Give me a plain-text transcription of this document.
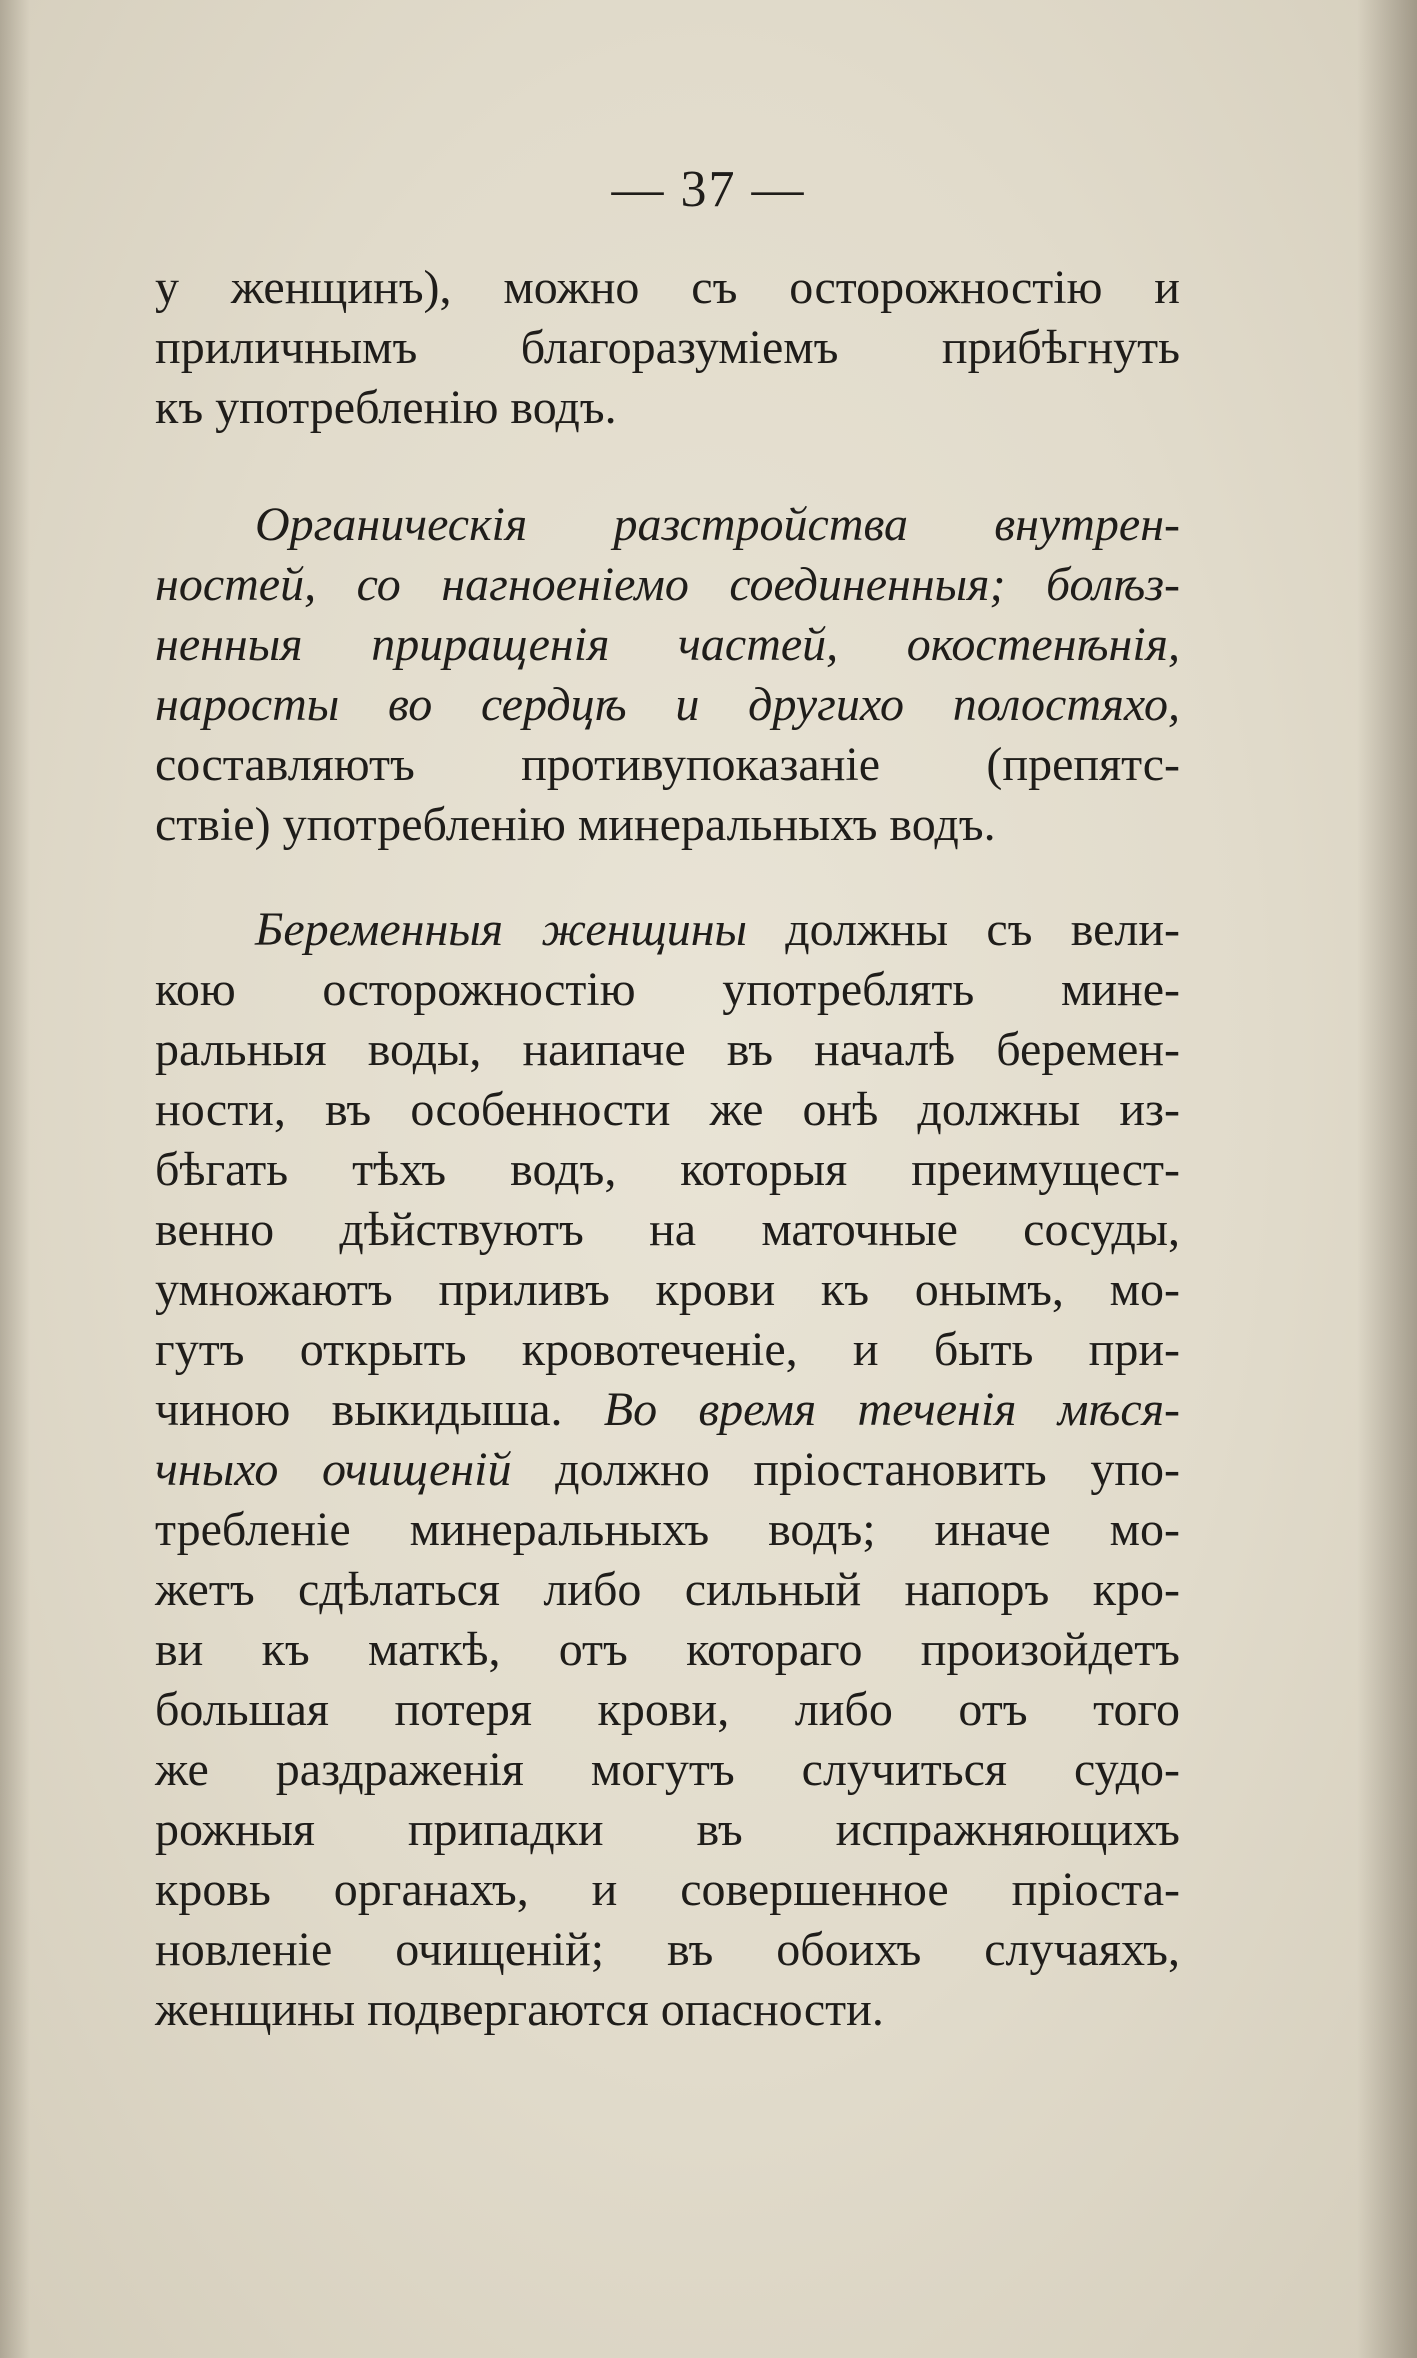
— 37 —
у женщинъ), можно съ осторожностію и
приличнымъ благоразуміемъ прибѣгнуть
къ употребленію водъ.
Органическія разстройства внутрен-
ностей, со нагноеніемо соединенныя; болѣз-
ненныя приращенія частей, окостенѣнія,
наросты во сердцѣ и другихо полостяхо,
составляютъ противупоказаніе (препятс-
ствіе) употребленію минеральныхъ водъ.
Беременныя женщины должны съ вели-
кою осторожностію употреблять мине-
ральныя воды, наипаче въ началѣ беремен-
ности, въ особенности же онѣ должны из-
бѣгать тѣхъ водъ, которыя преимущест-
венно дѣйствуютъ на маточные сосуды,
умножаютъ приливъ крови къ онымъ, мо-
гутъ открыть кровотеченіе, и быть при-
чиною выкидыша. Во время теченія мѣся-
чныхо очищеній должно пріостановить упо-
требленіе минеральныхъ водъ; иначе мо-
жетъ сдѣлаться либо сильный напоръ кро-
ви къ маткѣ, отъ котораго произойдетъ
большая потеря крови, либо отъ того
же раздраженія могутъ случиться судо-
рожныя припадки въ испражняющихъ
кровь органахъ, и совершенное пріоста-
новленіе очищеній; въ обоихъ случаяхъ,
женщины подвергаются опасности.
